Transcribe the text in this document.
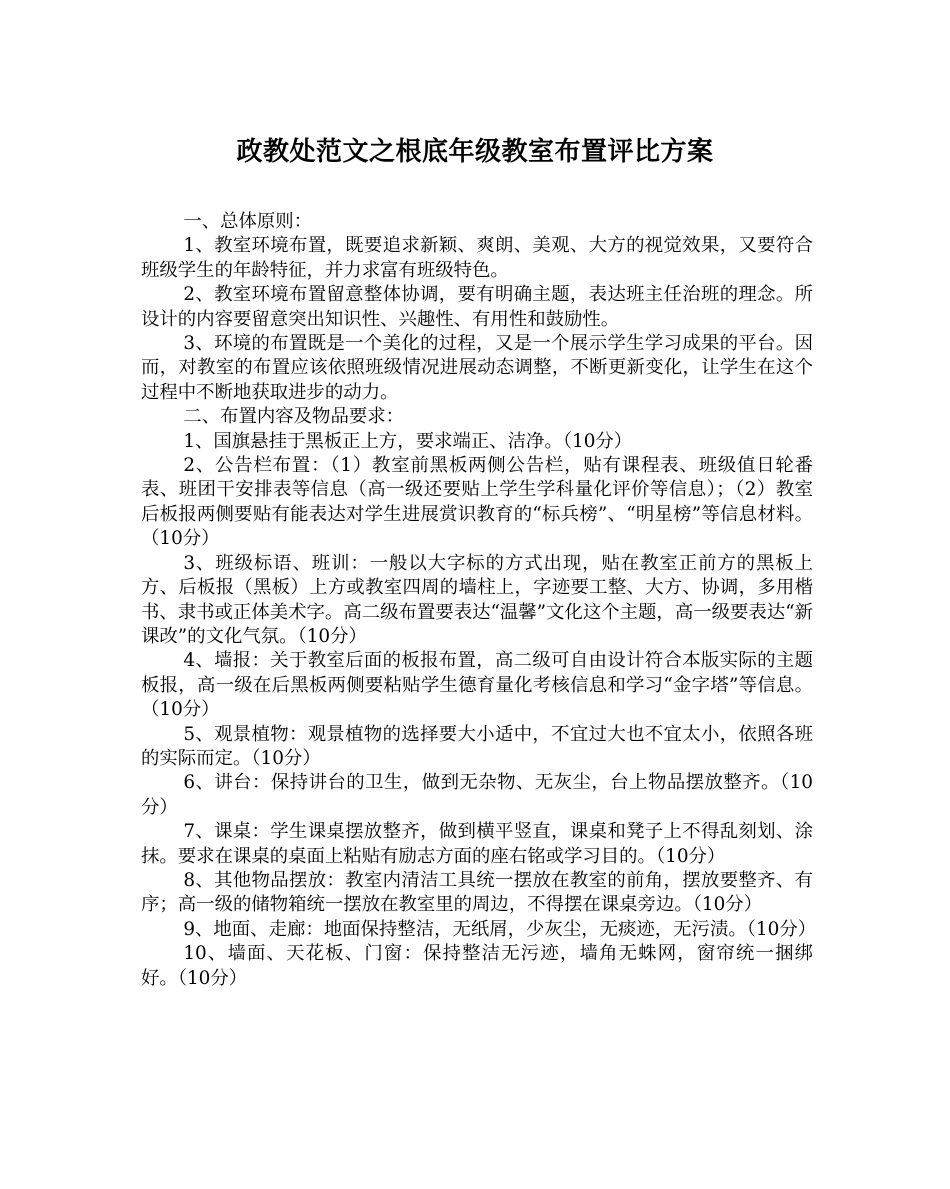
政教处范文之根底年级教室布置评比方案

一、总体原则：

1、教室环境布置，既要追求新颖、爽朗、美观、大方的视觉效果，又要符合班级学生的年龄特征，并力求富有班级特色。

2、教室环境布置留意整体协调，要有明确主题，表达班主任治班的理念。所设计的内容要留意突出知识性、兴趣性、有用性和鼓励性。

3、环境的布置既是一个美化的过程，又是一个展示学生学习成果的平台。因而，对教室的布置应该依照班级情况进展动态调整，不断更新变化，让学生在这个过程中不断地获取进步的动力。

二、布置内容及物品要求：

1、国旗悬挂于黑板正上方，要求端正、洁净。（10分）

2、公告栏布置：（1）教室前黑板两侧公告栏，贴有课程表、班级值日轮番表、班团干安排表等信息（高一级还要贴上学生学科量化评价等信息）；（2）教室后板报两侧要贴有能表达对学生进展赏识教育的“标兵榜”、“明星榜”等信息材料。（10分）

3、班级标语、班训：一般以大字标的方式出现，贴在教室正前方的黑板上方、后板报（黑板）上方或教室四周的墙柱上，字迹要工整、大方、协调，多用楷书、隶书或正体美术字。高二级布置要表达“温馨”文化这个主题，高一级要表达“新课改”的文化气氛。（10分）

4、墙报：关于教室后面的板报布置，高二级可自由设计符合本版实际的主题板报，高一级在后黑板两侧要粘贴学生德育量化考核信息和学习“金字塔”等信息。（10分）

5、观景植物：观景植物的选择要大小适中，不宜过大也不宜太小，依照各班的实际而定。（10分）

6、讲台：保持讲台的卫生，做到无杂物、无灰尘，台上物品摆放整齐。（10分）

7、课桌：学生课桌摆放整齐，做到横平竖直，课桌和凳子上不得乱刻划、涂抹。要求在课桌的桌面上粘贴有励志方面的座右铭或学习目的。（10分）

8、其他物品摆放：教室内清洁工具统一摆放在教室的前角，摆放要整齐、有序；高一级的储物箱统一摆放在教室里的周边，不得摆在课桌旁边。（10分）

9、地面、走廊：地面保持整洁，无纸屑，少灰尘，无痰迹，无污渍。（10分）

10、墙面、天花板、门窗：保持整洁无污迹，墙角无蛛网，窗帘统一捆绑好。（10分）
